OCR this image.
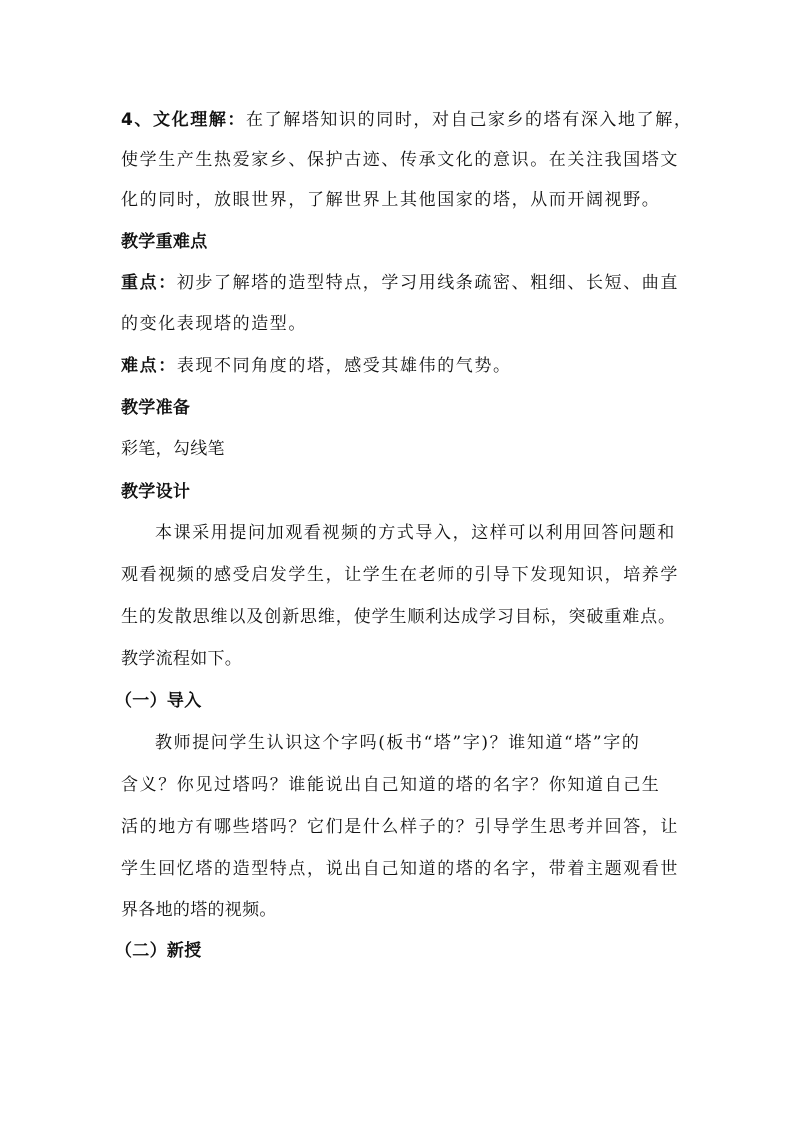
4、文化理解：在了解塔知识的同时，对自己家乡的塔有深入地了解，
使学生产生热爱家乡、保护古迹、传承文化的意识。在关注我国塔文
化的同时，放眼世界，了解世界上其他国家的塔，从而开阔视野。
教学重难点
重点：初步了解塔的造型特点，学习用线条疏密、粗细、长短、曲直
的变化表现塔的造型。
难点：表现不同角度的塔，感受其雄伟的气势。
教学准备
彩笔，勾线笔
教学设计
本课采用提问加观看视频的方式导入，这样可以利用回答问题和
观看视频的感受启发学生，让学生在老师的引导下发现知识，培养学
生的发散思维以及创新思维，使学生顺利达成学习目标，突破重难点。
教学流程如下。
（一）导入
教师提问学生认识这个字吗(板书“塔”字)？谁知道“塔”字的
含义？你见过塔吗？谁能说出自己知道的塔的名字？你知道自己生
活的地方有哪些塔吗？它们是什么样子的？引导学生思考并回答，让
学生回忆塔的造型特点，说出自己知道的塔的名字，带着主题观看世
界各地的塔的视频。
（二）新授
